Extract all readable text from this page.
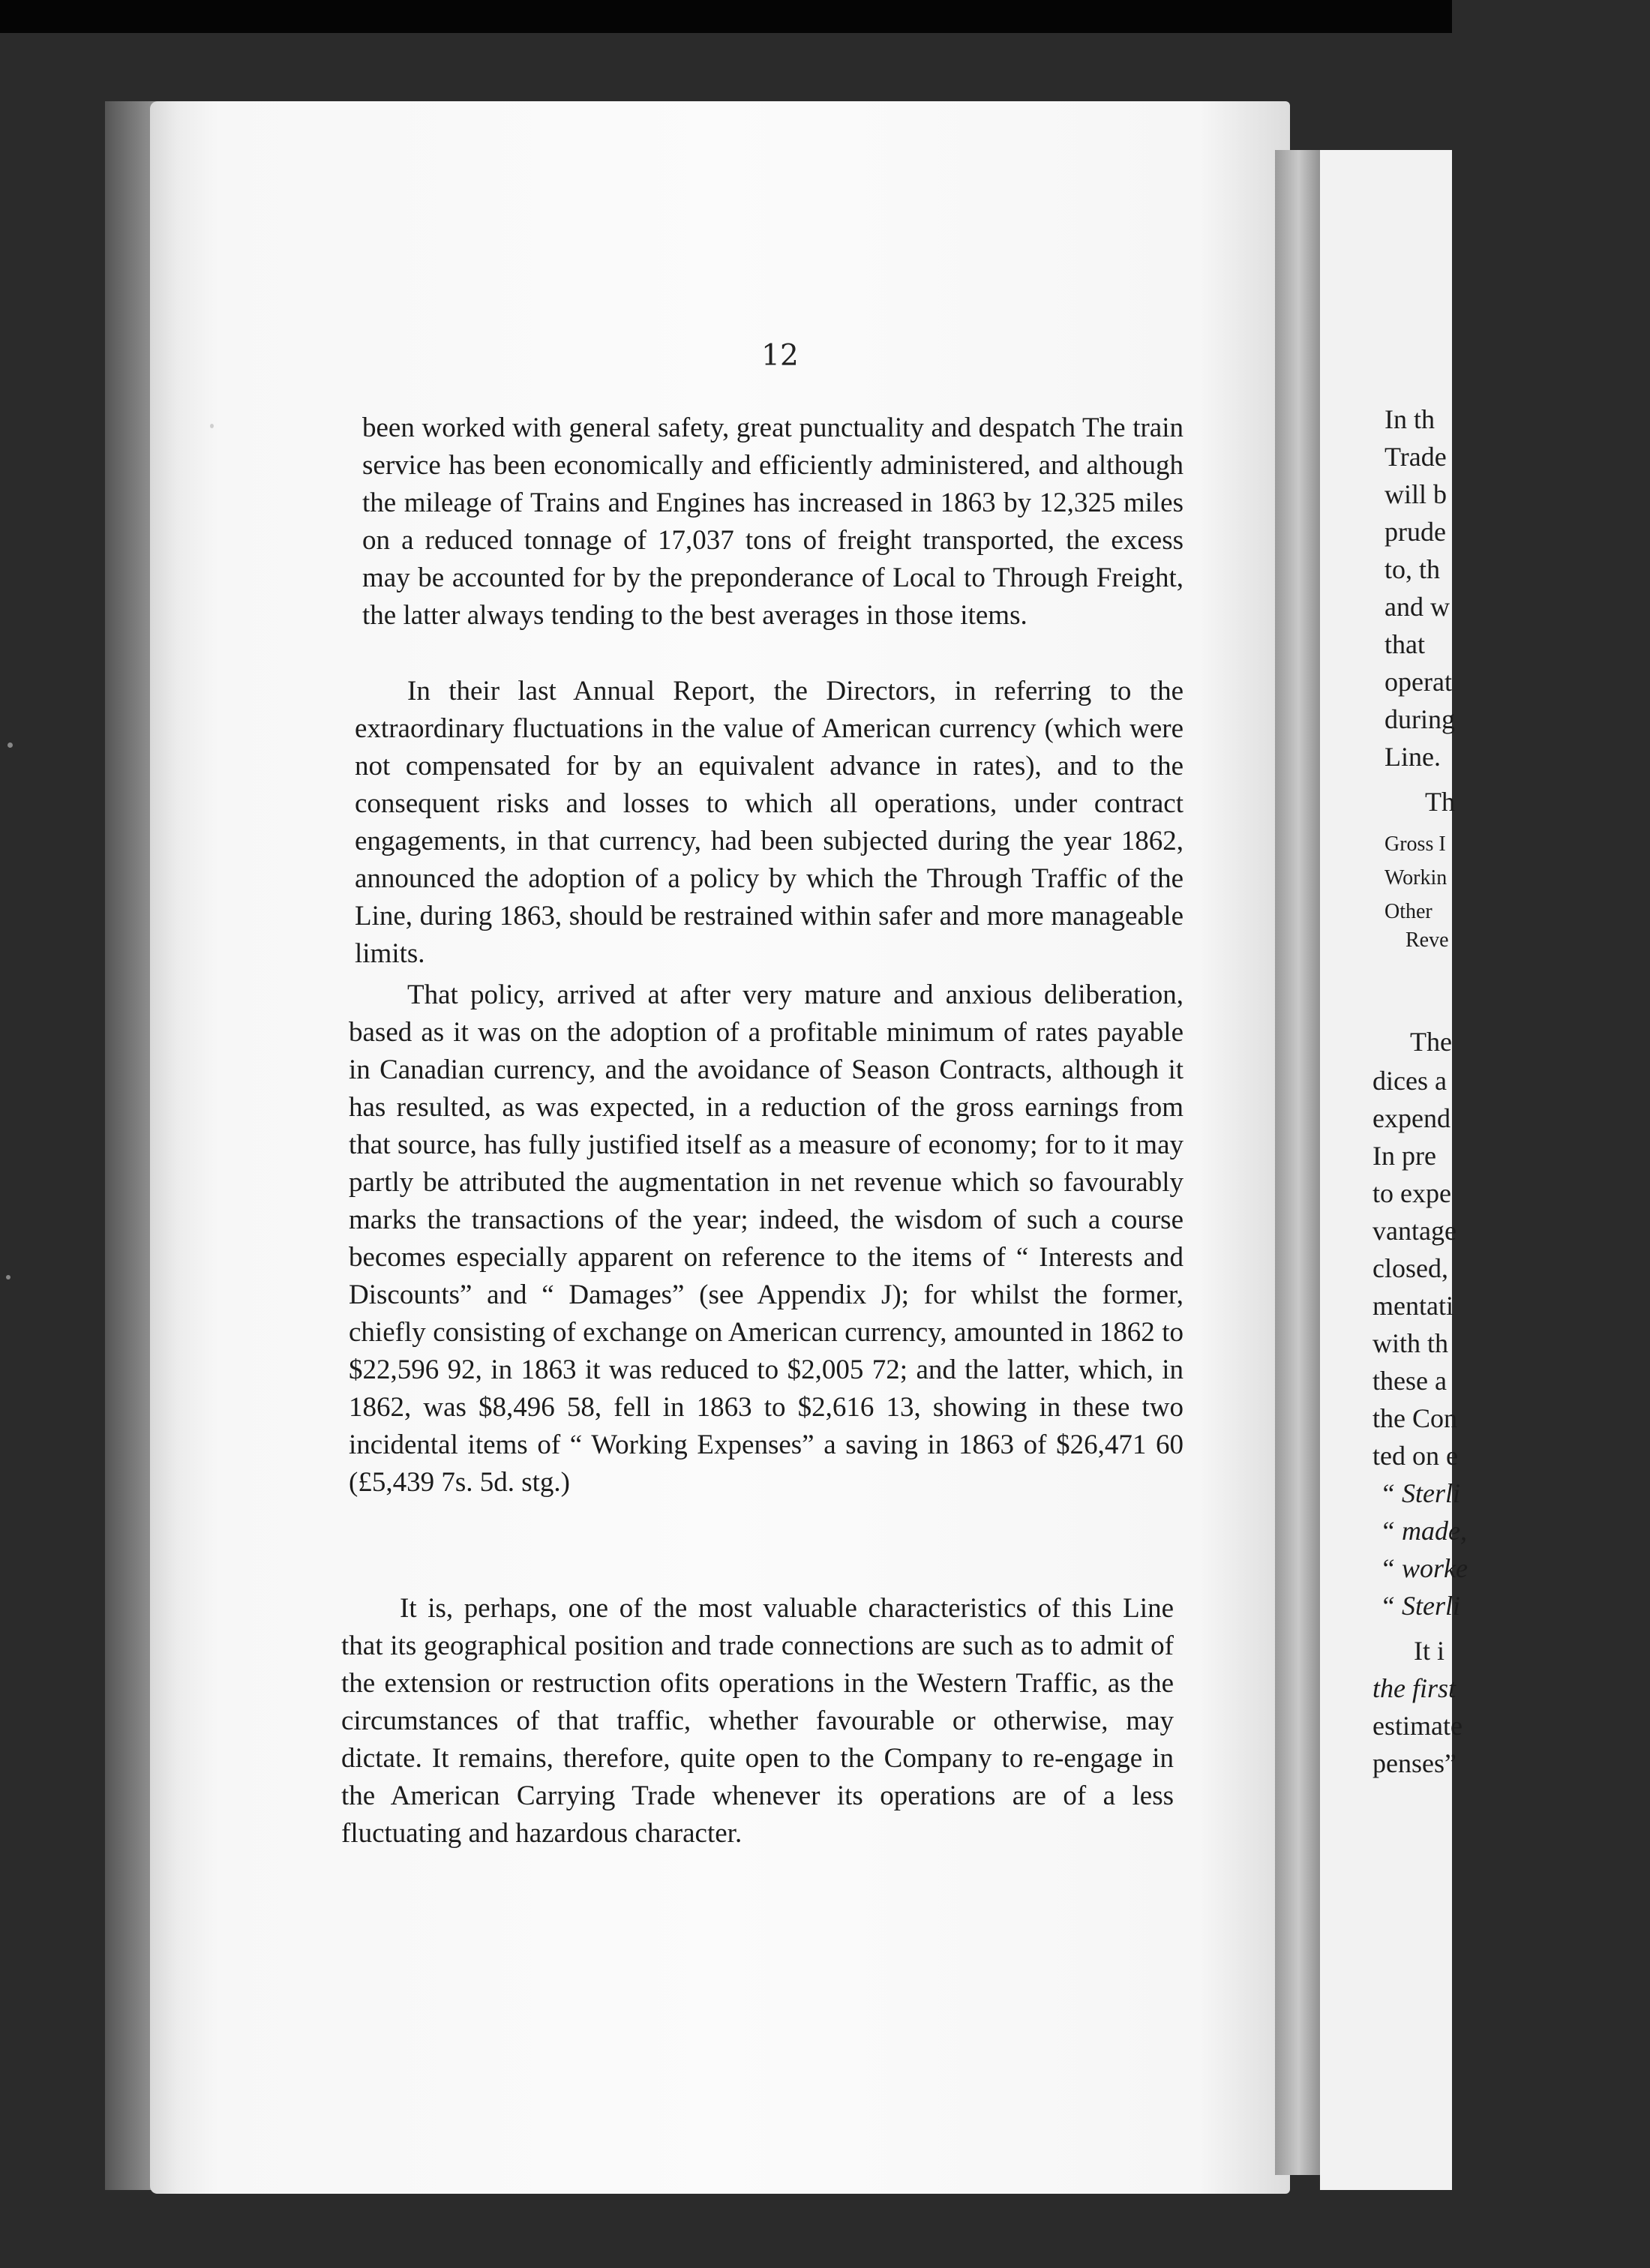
12

been worked with general safety, great punctuality and despatch The train service has been economically and efficiently administered, and although the mileage of Trains and Engines has increased in 1863 by 12,325 miles on a reduced tonnage of 17,037 tons of freight transported, the excess may be accounted for by the preponderance of Local to Through Freight, the latter always tending to the best averages in those items.

In their last Annual Report, the Directors, in referring to the extraordinary fluctuations in the value of American currency (which were not compensated for by an equivalent advance in rates), and to the consequent risks and losses to which all operations, under contract engagements, in that currency, had been subjected during the year 1862, announced the adoption of a policy by which the Through Traffic of the Line, during 1863, should be restrained within safer and more manageable limits.

That policy, arrived at after very mature and anxious deliberation, based as it was on the adoption of a profitable minimum of rates payable in Canadian currency, and the avoidance of Season Contracts, although it has resulted, as was expected, in a reduction of the gross earnings from that source, has fully justified itself as a measure of economy; for to it may partly be attributed the augmentation in net revenue which so favourably marks the transactions of the year; indeed, the wisdom of such a course becomes especially apparent on reference to the items of “ Interests and Discounts” and “ Damages” (see Appendix J); for whilst the former, chiefly consisting of exchange on American currency, amounted in 1862 to $22,596 92, in 1863 it was reduced to $2,005 72; and the latter, which, in 1862, was $8,496 58, fell in 1863 to $2,616 13, showing in these two incidental items of “ Working Expenses” a saving in 1863 of $26,471 60 (£5,439 7s. 5d. stg.)

It is, perhaps, one of the most valuable characteristics of this Line that its geographical position and trade connections are such as to admit of the extension or restruction ofits operations in the Western Traffic, as the circumstances of that traffic, whether favourable or otherwise, may dictate. It remains, therefore, quite open to the Company to re-engage in the American Carrying Trade whenever its operations are of a less fluctuating and hazardous character.

In th
Trade
will b
prude
to, th
and w
that
operat
during
Line.
Th
Gross I
Workin
Other
Reve
The
dices a
expend
In pre
to expe
vantage
closed,
mentati
with th
these a
the Con
ted on e
“ Sterli
“ made,
“ worke
“ Sterli
It i
the first
estimate
penses”
